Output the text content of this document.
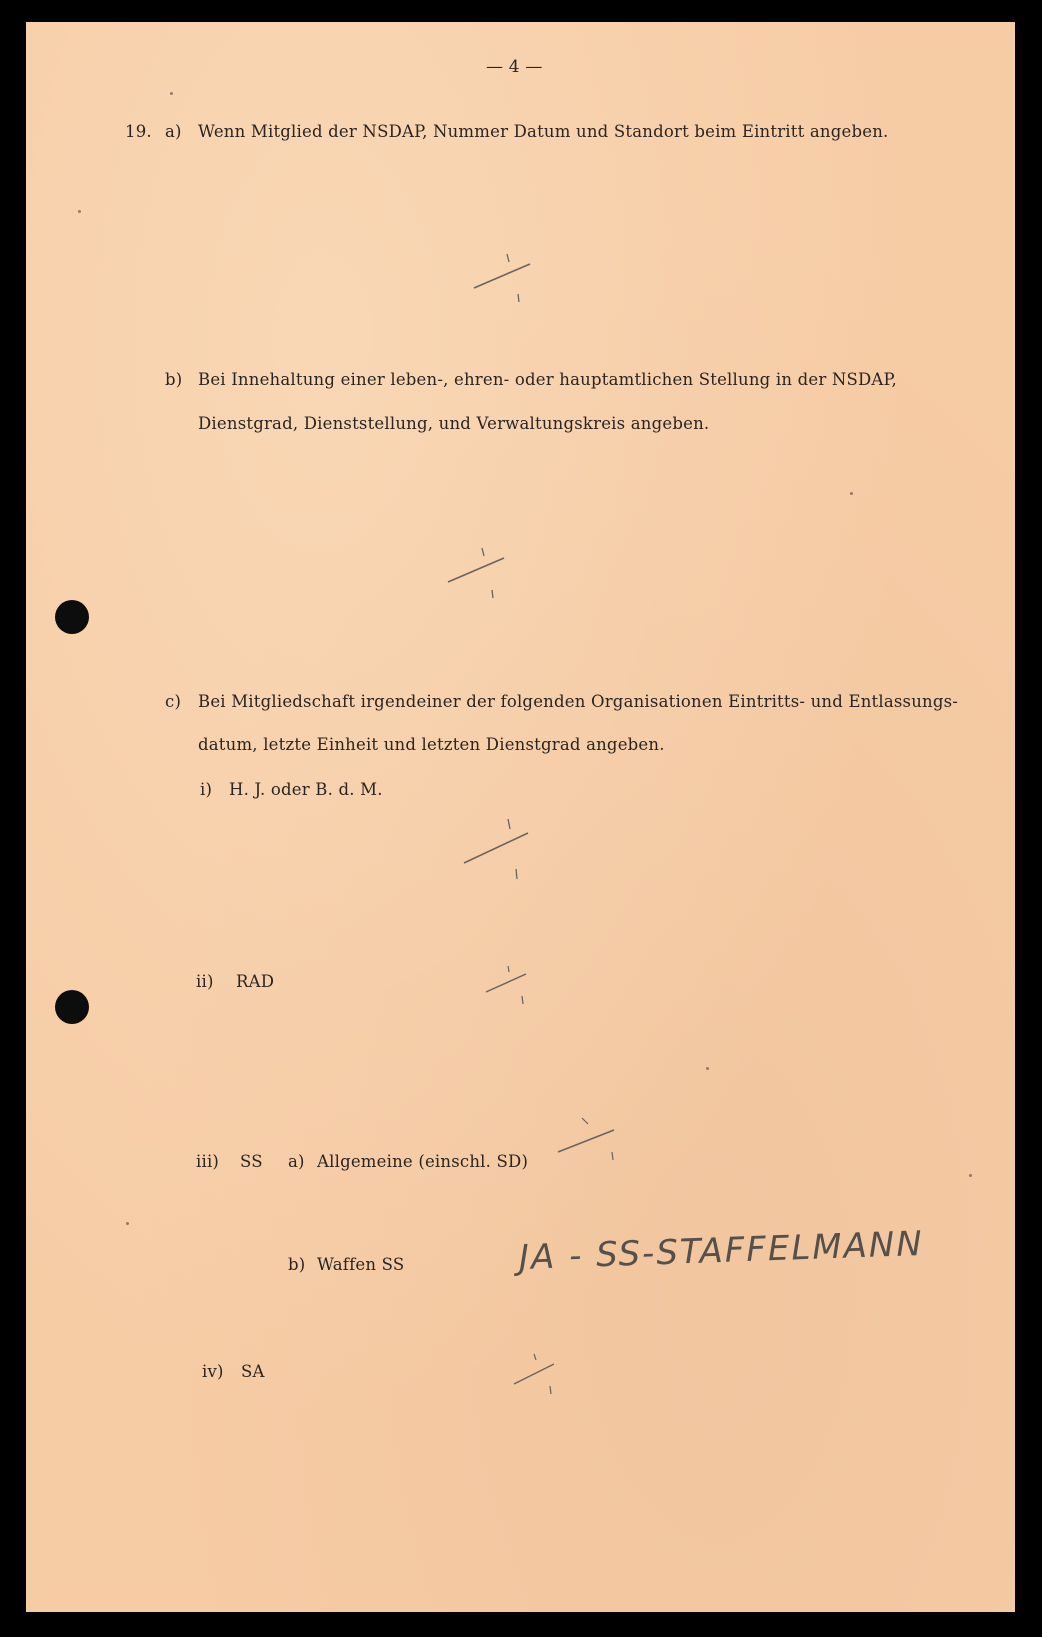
— 4 —
19. a) Wenn Mitglied der NSDAP, Nummer Datum und Standort beim Eintritt angeben.
b) Bei Innehaltung einer leben-, ehren- oder hauptamtlichen Stellung in der NSDAP,
Dienstgrad, Dienststellung, und Verwaltungskreis angeben.
c) Bei Mitgliedschaft irgendeiner der folgenden Organisationen Eintritts- und Entlassungs-
datum, letzte Einheit und letzten Dienstgrad angeben.
i) H. J. oder B. d. M.
ii) RAD
iii) SS a) Allgemeine (einschl. SD)
b) Waffen SS	JA - SS-STAFFELMANN
iv) SA
